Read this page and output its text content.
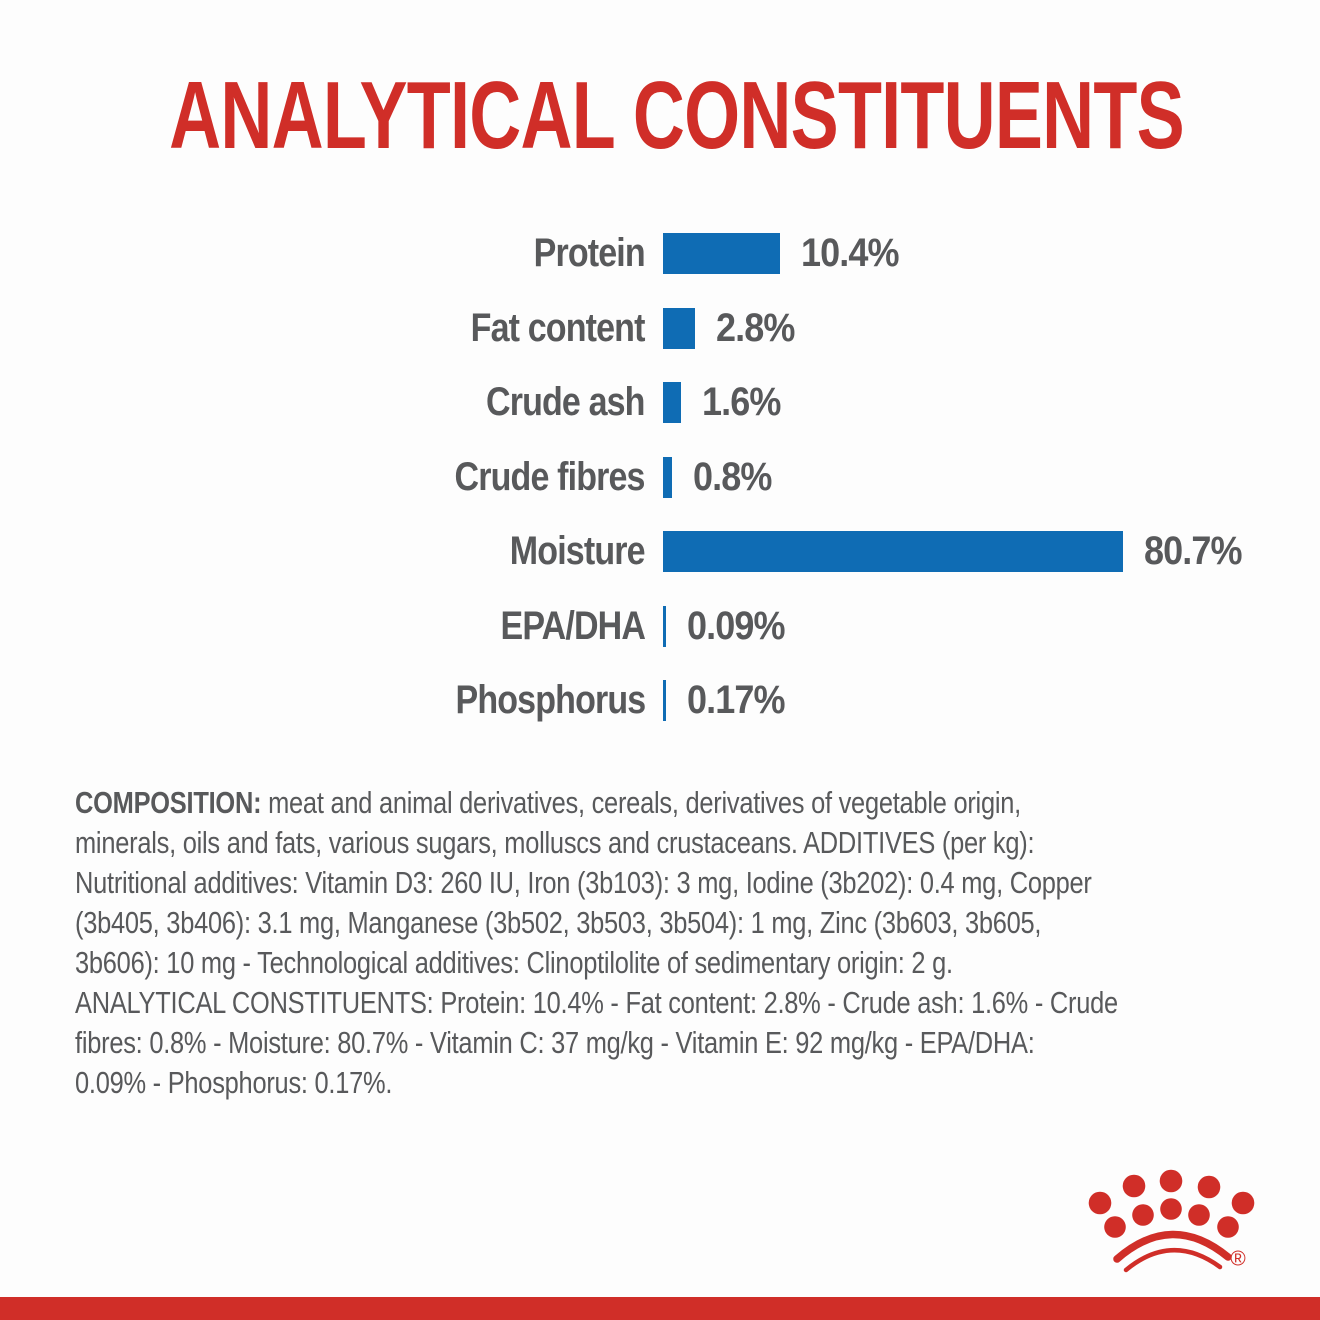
ANALYTICAL CONSTITUENTS
Protein	10.4%
Fat content 2.8%
Crude ash 1.6%
Crude fibres 0.8%
Moisture	80.7%
EPA/DHA 0.09%
Phosphorus 0.17%
COMPOSITION: meat and animal derivatives, cereals, derivatives of vegetable origin,
minerals, oils and fats, various sugars, molluscs and crustaceans. ADDITIVES (per kg):
Nutritional additives: Vitamin D3: 260 IU, Iron (3b103): 3 mg, Iodine (3b202): 0.4 mg, Copper
(3b405, 3b406): 3.1 mg, Manganese (3b502, 3b503, 3b504): 1 mg, Zinc (3b603, 3b605,
3b606): 10 mg - Technological additives: Clinoptilolite of sedimentary origin: 2 g.
ANALYTICAL CONSTITUENTS: Protein: 10.4% - Fat content: 2.8% - Crude ash: 1.6% - Crude
fibres: 0.8% - Moisture: 80.7% - Vitamin C: 37 mg/kg - Vitamin E: 92 mg/kg - EPA/DHA:
0.09% - Phosphorus: 0.17%.
®
